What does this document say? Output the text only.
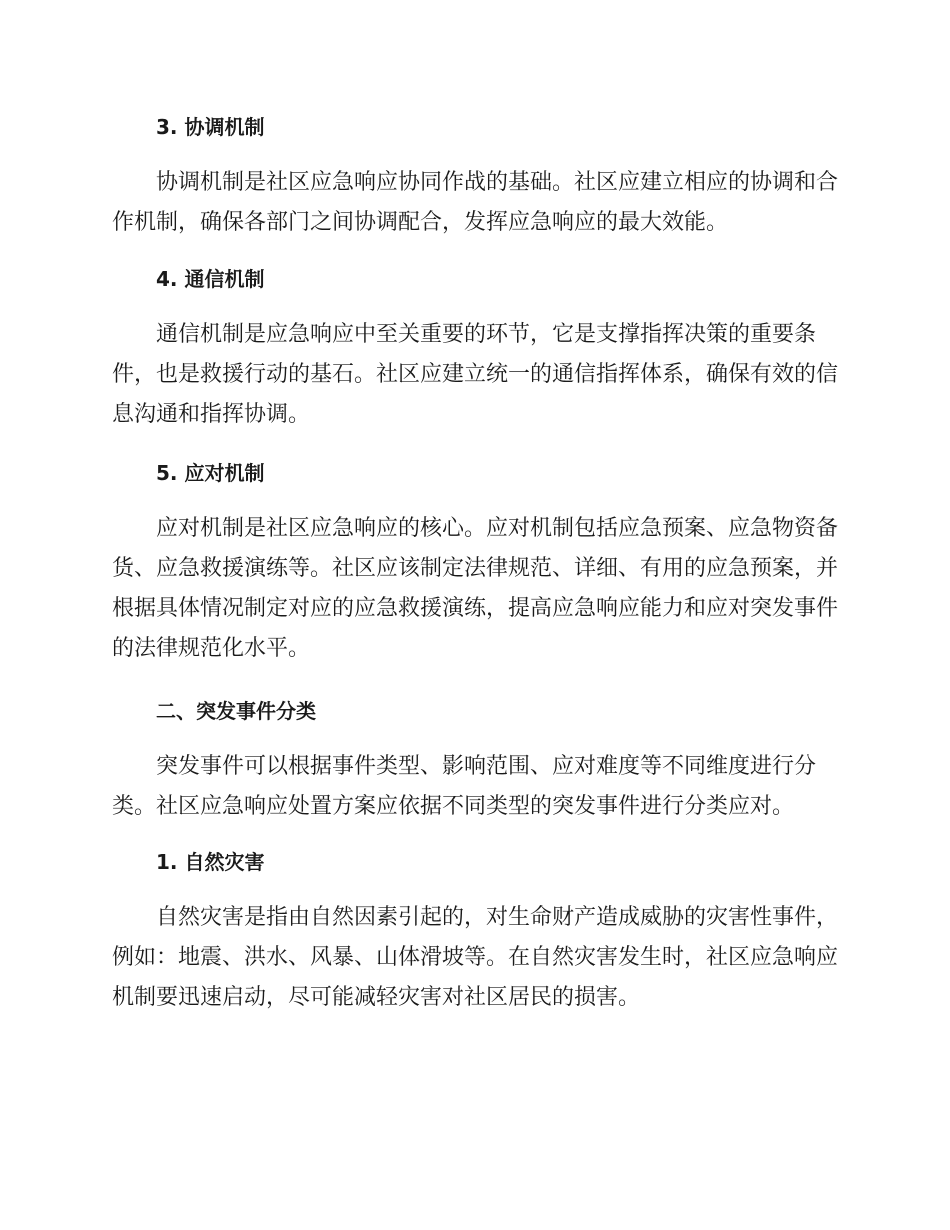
3. 协调机制
协调机制是社区应急响应协同作战的基础。社区应建立相应的协调和合
作机制，确保各部门之间协调配合，发挥应急响应的最大效能。
4. 通信机制
通信机制是应急响应中至关重要的环节，它是支撑指挥决策的重要条
件，也是救援行动的基石。社区应建立统一的通信指挥体系，确保有效的信
息沟通和指挥协调。
5. 应对机制
应对机制是社区应急响应的核心。应对机制包括应急预案、应急物资备
货、应急救援演练等。社区应该制定法律规范、详细、有用的应急预案，并
根据具体情况制定对应的应急救援演练，提高应急响应能力和应对突发事件
的法律规范化水平。
二、突发事件分类
突发事件可以根据事件类型、影响范围、应对难度等不同维度进行分
类。社区应急响应处置方案应依据不同类型的突发事件进行分类应对。
1. 自然灾害
自然灾害是指由自然因素引起的，对生命财产造成威胁的灾害性事件，
例如：地震、洪水、风暴、山体滑坡等。在自然灾害发生时，社区应急响应
机制要迅速启动，尽可能减轻灾害对社区居民的损害。
